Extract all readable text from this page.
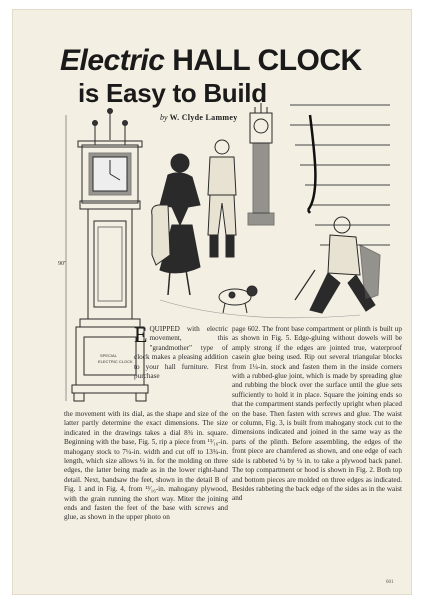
SPECIAL
ELECTRIC CLOCK
90"
Electric HALL CLOCK
is Easy to Build
by W. Clyde Lammey

EQUIPPED with electric movement, this "grandmother" type of clock makes a pleasing addition to your hall furniture. First purchase

the movement with its dial, as the shape and size of the latter partly determine the exact dimensions. The size indicated in the drawings takes a dial 8¾ in. square. Beginning with the base, Fig. 5, rip a piece from ¹³⁄₁₆-in. mahogany stock to 7¼-in. width and cut off to 13¾-in. length, which size allows ¼ in. for the molding on three edges, the latter being made as in the lower right-hand detail. Next, bandsaw the feet, shown in the detail B of Fig. 1 and in Fig. 4, from ¹³⁄₁₆-in. mahogany plywood, with the grain running the short way. Miter the joining ends and fasten the feet of the base with screws and glue, as shown in the upper photo on

page 602. The front base compartment or plinth is built up as shown in Fig. 5. Edge-gluing without dowels will be amply strong if the edges are jointed true, waterproof casein glue being used. Rip out several triangular blocks from 1¼-in. stock and fasten them in the inside corners with a rubbed-glue joint, which is made by spreading glue and rubbing the block over the surface until the glue sets sufficiently to hold it in place. Square the joining ends so that the compartment stands perfectly upright when placed on the base. Then fasten with screws and glue. The waist or column, Fig. 3, is built from mahogany stock cut to the dimensions indicated and joined in the same way as the parts of the plinth. Before assembling, the edges of the front piece are chamfered as shown, and one edge of each side is rabbeted ¼ by ¼ in. to take a plywood back panel. The top compartment or hood is shown in Fig. 2. Both top and bottom pieces are molded on three edges as indicated. Besides rabbeting the back edge of the sides as in the waist and

601
